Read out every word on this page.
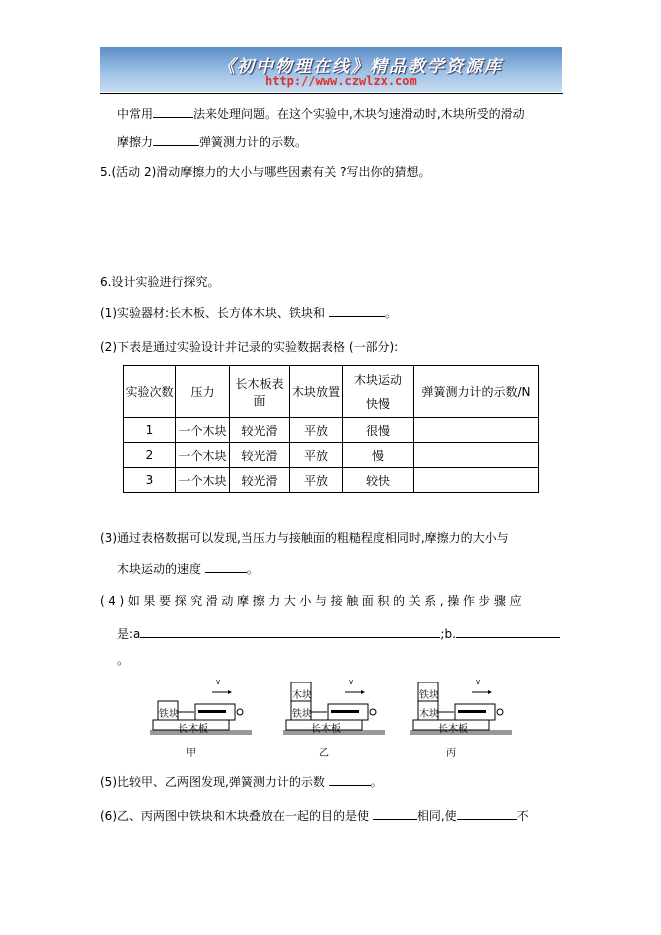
《初中物理在线》精品教学资源库
http://www.czwlzx.com
中常用	法来处理问题。在这个实验中,木块匀速滑动时,木块所受的滑动
摩擦力	弹簧测力计的示数。
5.(活动 2)滑动摩擦力的大小与哪些因素有关 ?写出你的猜想。
6.设计实验进行探究。
(1)实验器材:长木板、长方体木块、铁块和	。
(2)下表是通过实验设计并记录的实验数据表格 (一部分):
实验次数	压力	长木板表面	木块放置	木块运动快慢	弹簧测力计的示数/N
1	一个木块	较光滑	平放	很慢	
2	一个木块	较光滑	平放	慢	
3	一个木块	较光滑	平放	较快	
(3)通过表格数据可以发现,当压力与接触面的粗糙程度相同时,摩擦力的大小与
木块运动的速度	。
(4)如果要探究滑动摩擦力大小与接触面积的关系,操作步骤应
是:a	;b.
。
铁块
长木板
v
甲
木块
铁块
长木板
v
乙
铁块
木块
长木板
v
丙
(5)比较甲、乙两图发现,弹簧测力计的示数	。
(6)乙、丙两图中铁块和木块叠放在一起的目的是使	相同,使	不
